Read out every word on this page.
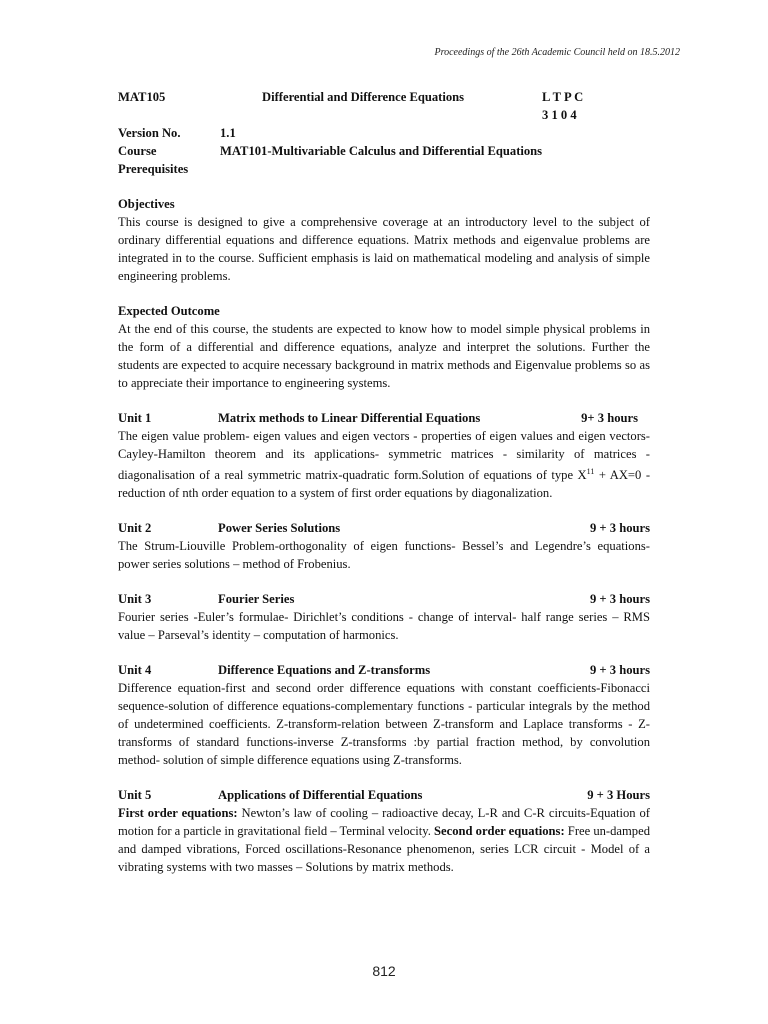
Proceedings of the 26th Academic Council held on 18.5.2012
MAT105	Differential and Difference Equations	L T P C
3 1 0 4
Version No.	1.1
Course	MAT101-Multivariable Calculus and Differential Equations
Prerequisites
Objectives

This course is designed to give a comprehensive coverage at an introductory level to the subject of ordinary differential equations and difference equations. Matrix methods and eigenvalue problems are integrated in to the course. Sufficient emphasis is laid on mathematical modeling and analysis of simple engineering problems.

Expected Outcome

At the end of this course, the students are expected to know how to model simple physical problems in the form of a differential and difference equations, analyze and interpret the solutions. Further the students are expected to acquire necessary background in matrix methods and Eigenvalue problems so as to appreciate their importance to engineering systems.

Unit 1	Matrix methods to Linear Differential Equations	9+ 3 hours

The eigen value problem- eigen values and eigen vectors - properties of eigen values and eigen vectors-Cayley-Hamilton theorem and its applications- symmetric matrices - similarity of matrices - diagonalisation of a real symmetric matrix-quadratic form.Solution of equations of type $X^{11} + AX=0$ - reduction of nth order equation to a system of first order equations by diagonalization.

Unit 2	Power Series Solutions	9 + 3 hours

The Strum-Liouville Problem-orthogonality of eigen functions- Bessel’s and Legendre’s equations- power series solutions – method of Frobenius.

Unit 3	Fourier Series	9 + 3 hours

Fourier series -Euler’s formulae- Dirichlet’s conditions - change of interval- half range series – RMS value – Parseval’s identity – computation of harmonics.

Unit 4	Difference Equations and Z-transforms	9 + 3 hours

Difference equation-first and second order difference equations with constant coefficients-Fibonacci sequence-solution of difference equations-complementary functions - particular integrals by the method of undetermined coefficients. Z-transform-relation between Z-transform and Laplace transforms - Z-transforms of standard functions-inverse Z-transforms :by partial fraction method, by convolution method- solution of simple difference equations using Z-transforms.

Unit 5	Applications of Differential Equations	9 + 3 Hours

First order equations: Newton’s law of cooling – radioactive decay, L-R and C-R circuits-Equation of motion for a particle in gravitational field – Terminal velocity. Second order equations: Free un-damped and damped vibrations, Forced oscillations-Resonance phenomenon, series LCR circuit - Model of a vibrating systems with two masses – Solutions by matrix methods.

812
